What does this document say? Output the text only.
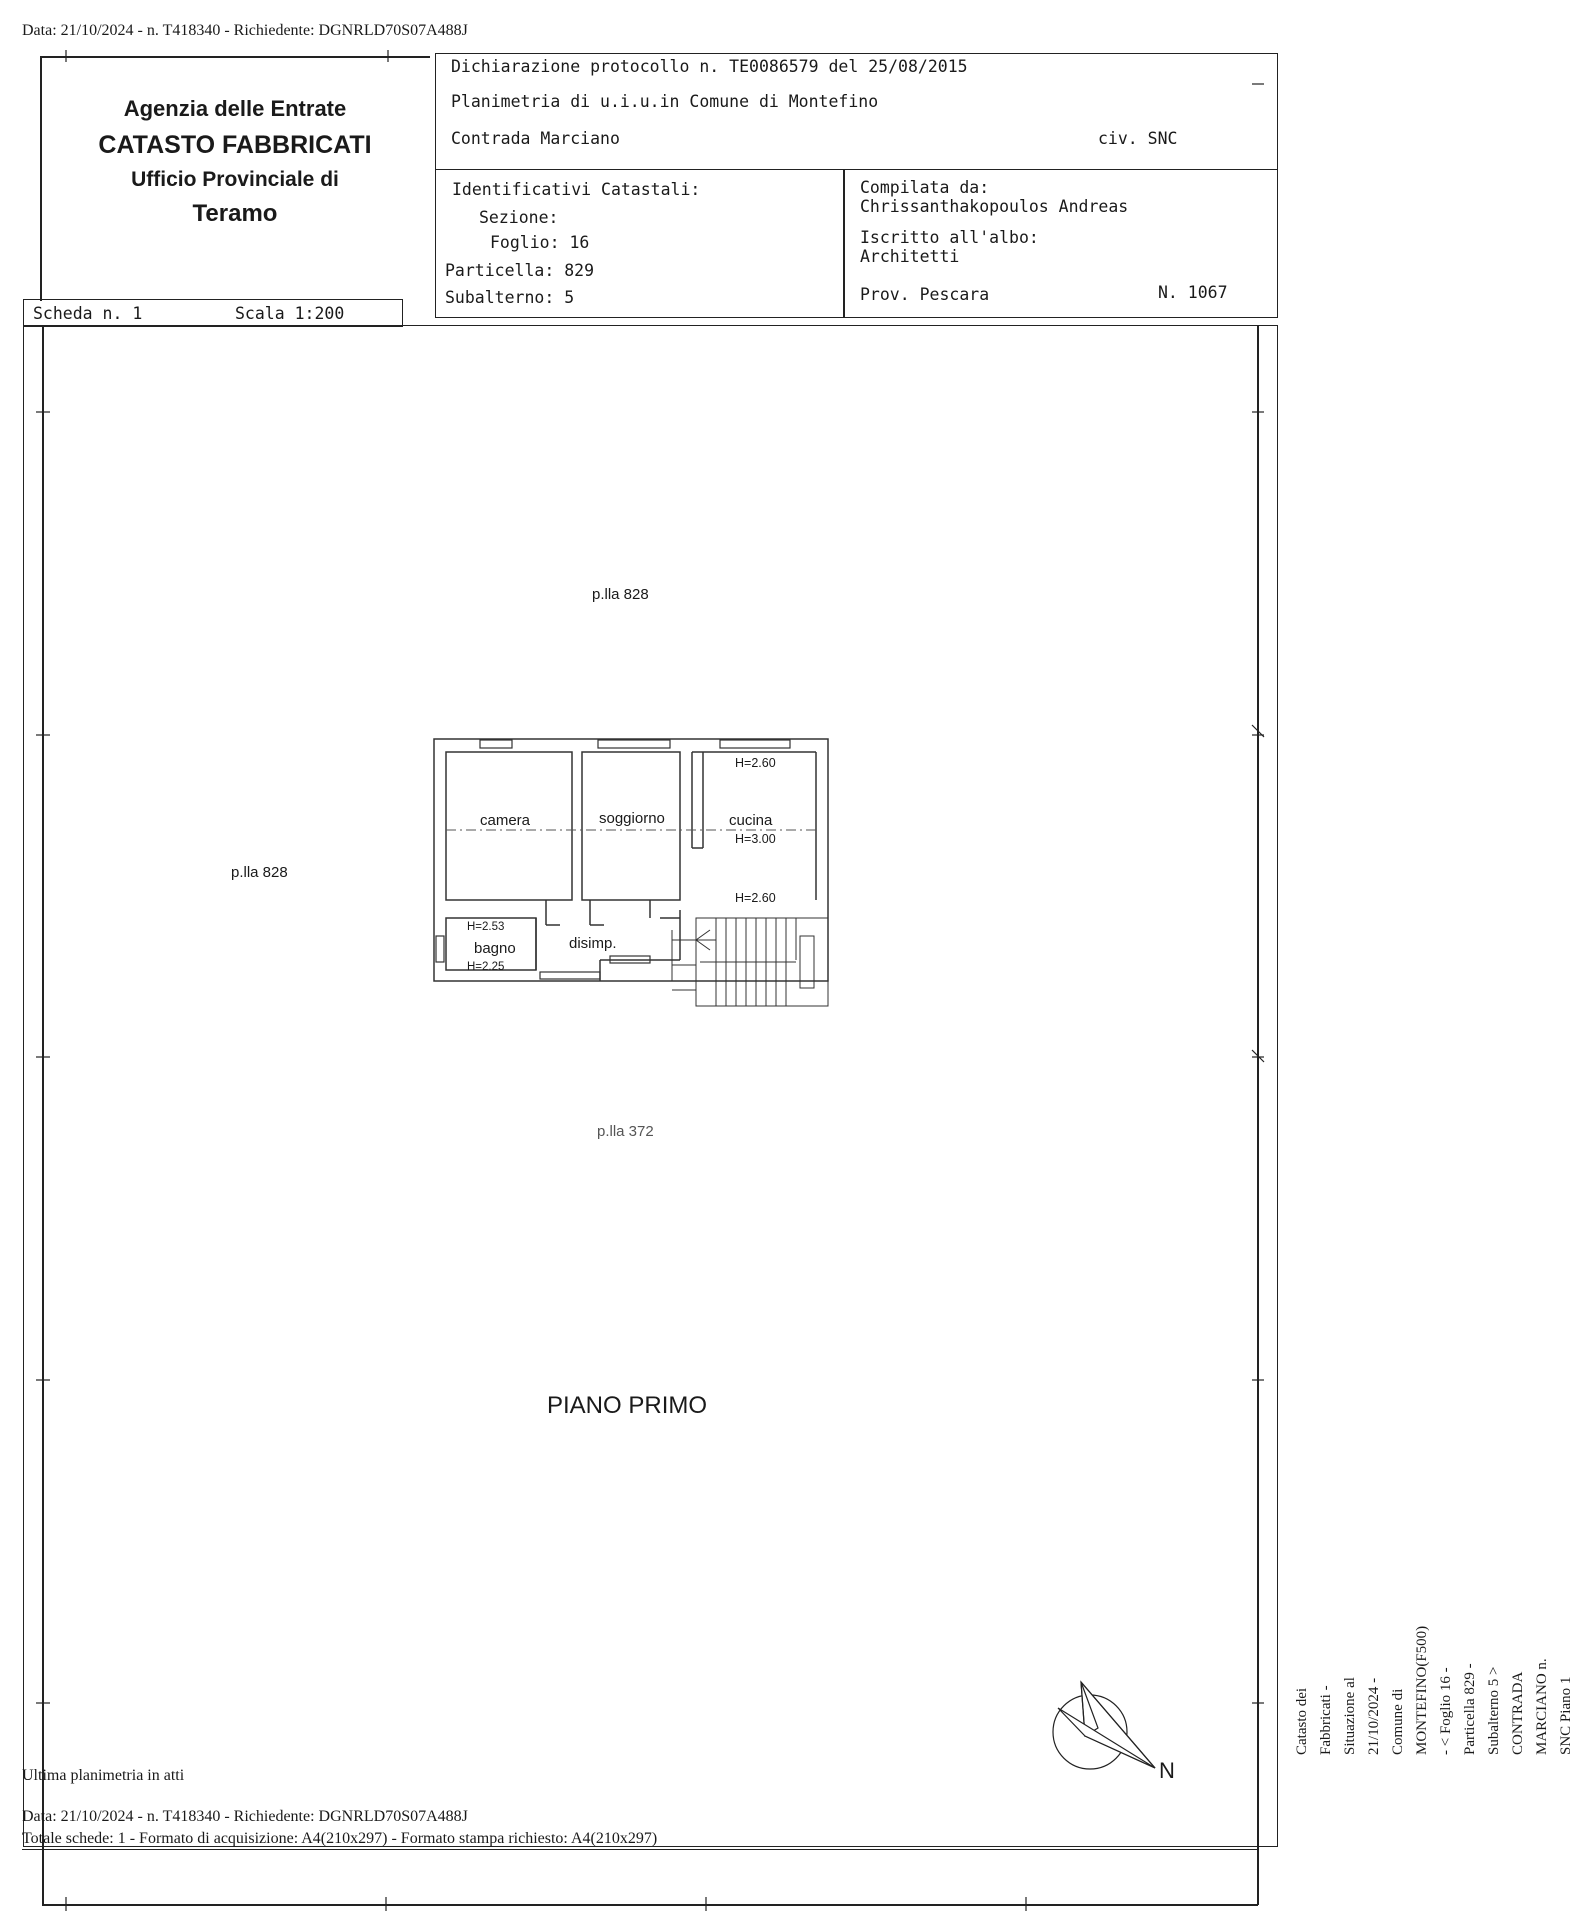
Data: 21/10/2024 - n. T418340 - Richiedente: DGNRLD70S07A488J
Agenzia delle Entrate
CATASTO FABBRICATI
Ufficio Provinciale di
Teramo
Dichiarazione protocollo n. TE0086579 del 25/08/2015
Planimetria di u.i.u.in Comune di Montefino
Contrada Marciano	civ. SNC
Identificativi Catastali:
Sezione:
Foglio: 16
Particella: 829
Subalterno: 5
Compilata da:
Chrissanthakopoulos Andreas
Iscritto all'albo:
Architetti
Prov. Pescara	N. 1067
Scheda n. 1	Scala 1:200
p.lla 828
p.lla 828
p.lla 372
camera	soggiorno	cucina
bagno	disimp.
H=2.60
H=3.00
H=2.60
H=2.53
H=2.25
PIANO PRIMO
N
Catasto dei Fabbricati - Situazione al 21/10/2024 - Comune di MONTEFINO(F500) - < Foglio 16 - Particella 829 - Subalterno 5 > CONTRADA MARCIANO n. SNC Piano 1
Ultima planimetria in atti
Data: 21/10/2024 - n. T418340 - Richiedente: DGNRLD70S07A488J
Totale schede: 1 - Formato di acquisizione: A4(210x297) - Formato stampa richiesto: A4(210x297)
